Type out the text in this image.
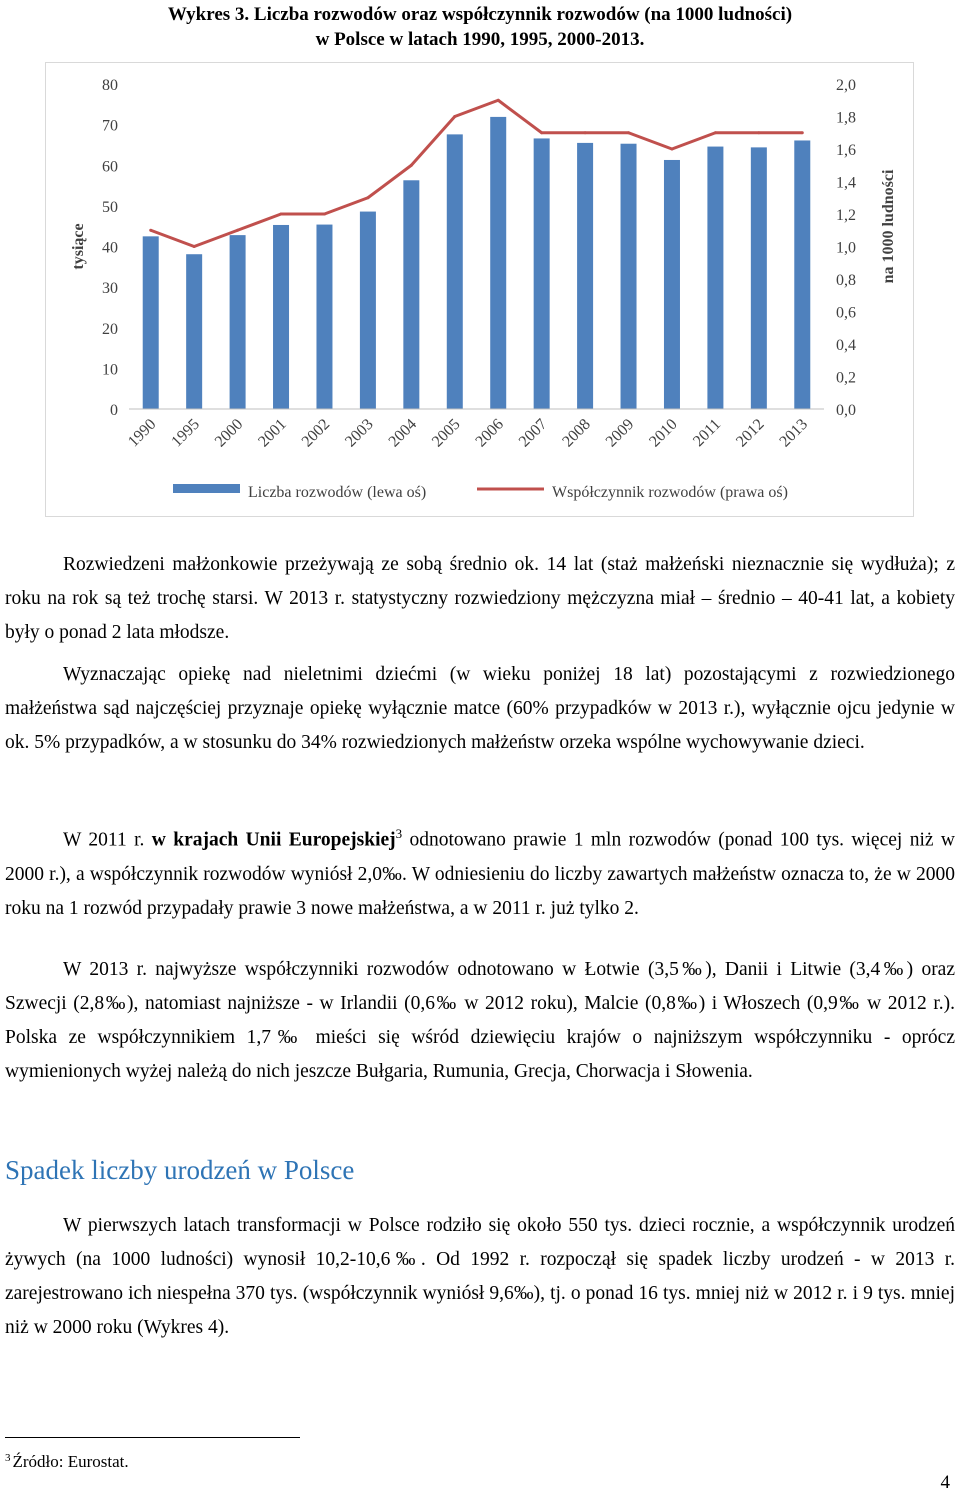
Wykres 3. Liczba rozwodów oraz współczynnik rozwodów (na 1000 ludności)
w Polsce w latach 1990, 1995, 2000-2013.
0
10
20
30
40
50
60
70
80
0,0
0,2
0,4
0,6
0,8
1,0
1,2
1,4
1,6
1,8
2,0
tysiące	na 1000 ludności
1990 1995 2000 2001 2002 2003 2004 2005 2006 2007 2008 2009 2010 2011 2012 2013
Liczba rozwodów (lewa oś)	Współczynnik rozwodów (prawa oś)

Rozwiedzeni małżonkowie przeżywają ze sobą średnio ok. 14 lat (staż małżeński nieznacznie się wydłuża); z roku na rok są też trochę starsi. W 2013 r. statystyczny rozwiedziony mężczyzna miał – średnio – 40-41 lat, a kobiety były o ponad 2 lata młodsze.

Wyznaczając opiekę nad nieletnimi dziećmi (w wieku poniżej 18 lat) pozostającymi z rozwiedzionego małżeństwa sąd najczęściej przyznaje opiekę wyłącznie matce (60% przypadków w 2013 r.), wyłącznie ojcu jedynie w ok. 5% przypadków, a w stosunku do 34% rozwiedzionych małżeństw orzeka wspólne wychowywanie dzieci.

W 2011 r. w krajach Unii Europejskiej$^3$ odnotowano prawie 1 mln rozwodów (ponad 100 tys. więcej niż w 2000 r.), a współczynnik rozwodów wyniósł 2,0‰. W odniesieniu do liczby zawartych małżeństw oznacza to, że w 2000 roku na 1 rozwód przypadały prawie 3 nowe małżeństwa, a w 2011 r. już tylko 2.

W 2013 r. najwyższe współczynniki rozwodów odnotowano w Łotwie (3,5‰), Danii i Litwie (3,4‰) oraz Szwecji (2,8‰), natomiast najniższe - w Irlandii (0,6‰ w 2012 roku), Malcie (0,8‰) i Włoszech (0,9‰ w 2012 r.). Polska ze współczynnikiem 1,7‰ mieści się wśród dziewięciu krajów o najniższym współczynniku - oprócz wymienionych wyżej należą do nich jeszcze Bułgaria, Rumunia, Grecja, Chorwacja i Słowenia.

Spadek liczby urodzeń w Polsce

W pierwszych latach transformacji w Polsce rodziło się około 550 tys. dzieci rocznie, a współczynnik urodzeń żywych (na 1000 ludności) wynosił 10,2-10,6‰. Od 1992 r. rozpoczął się spadek liczby urodzeń - w 2013 r. zarejestrowano ich niespełna 370 tys. (współczynnik wyniósł 9,6‰), tj. o ponad 16 tys. mniej niż w 2012 r. i 9 tys. mniej niż w 2000 roku (Wykres 4).

$^3$ Źródło: Eurostat.
4
